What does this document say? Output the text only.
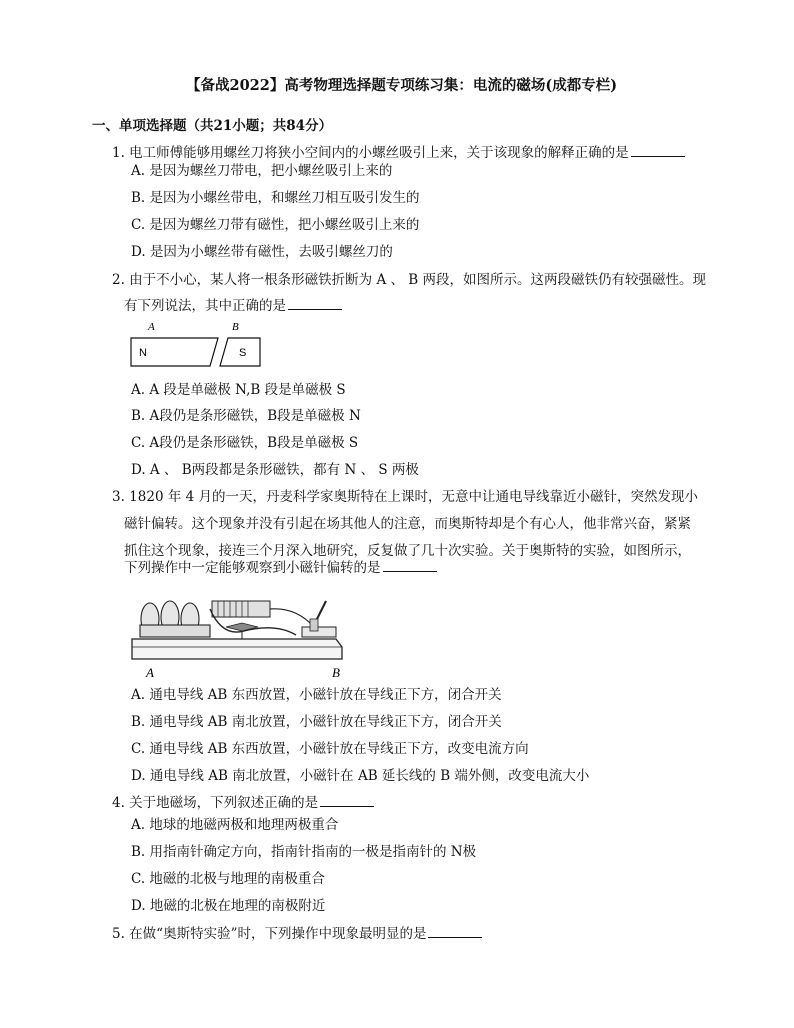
【备战2022】高考物理选择题专项练习集：电流的磁场(成都专栏)
一、单项选择题（共21小题；共84分）
1. 电工师傅能够用螺丝刀将狭小空间内的小螺丝吸引上来，关于该现象的解释正确的是
A. 是因为螺丝刀带电，把小螺丝吸引上来的
B. 是因为小螺丝带电，和螺丝刀相互吸引发生的
C. 是因为螺丝刀带有磁性，把小螺丝吸引上来的
D. 是因为小螺丝带有磁性，去吸引螺丝刀的
2. 由于不小心，某人将一根条形磁铁折断为 A 、 B 两段，如图所示。这两段磁铁仍有较强磁性。现
有下列说法，其中正确的是
A	B
N	S
A. A 段是单磁极 N,B 段是单磁极 S
B. A段仍是条形磁铁，B段是单磁极 N
C. A段仍是条形磁铁，B段是单磁极 S
D. A 、 B两段都是条形磁铁，都有 N 、 S 两极
3. 1820 年 4 月的一天，丹麦科学家奥斯特在上课时，无意中让通电导线靠近小磁针，突然发现小
磁针偏转。这个现象并没有引起在场其他人的注意，而奥斯特却是个有心人，他非常兴奋，紧紧
抓住这个现象，接连三个月深入地研究，反复做了几十次实验。关于奥斯特的实验，如图所示，
下列操作中一定能够观察到小磁针偏转的是
A	B
A. 通电导线 AB 东西放置，小磁针放在导线正下方，闭合开关
B. 通电导线 AB 南北放置，小磁针放在导线正下方，闭合开关
C. 通电导线 AB 东西放置，小磁针放在导线正下方，改变电流方向
D. 通电导线 AB 南北放置，小磁针在 AB 延长线的 B 端外侧，改变电流大小
4. 关于地磁场，下列叙述正确的是
A. 地球的地磁两极和地理两极重合
B. 用指南针确定方向，指南针指南的一极是指南针的 N极
C. 地磁的北极与地理的南极重合
D. 地磁的北极在地理的南极附近
5. 在做“奥斯特实验”时，下列操作中现象最明显的是
